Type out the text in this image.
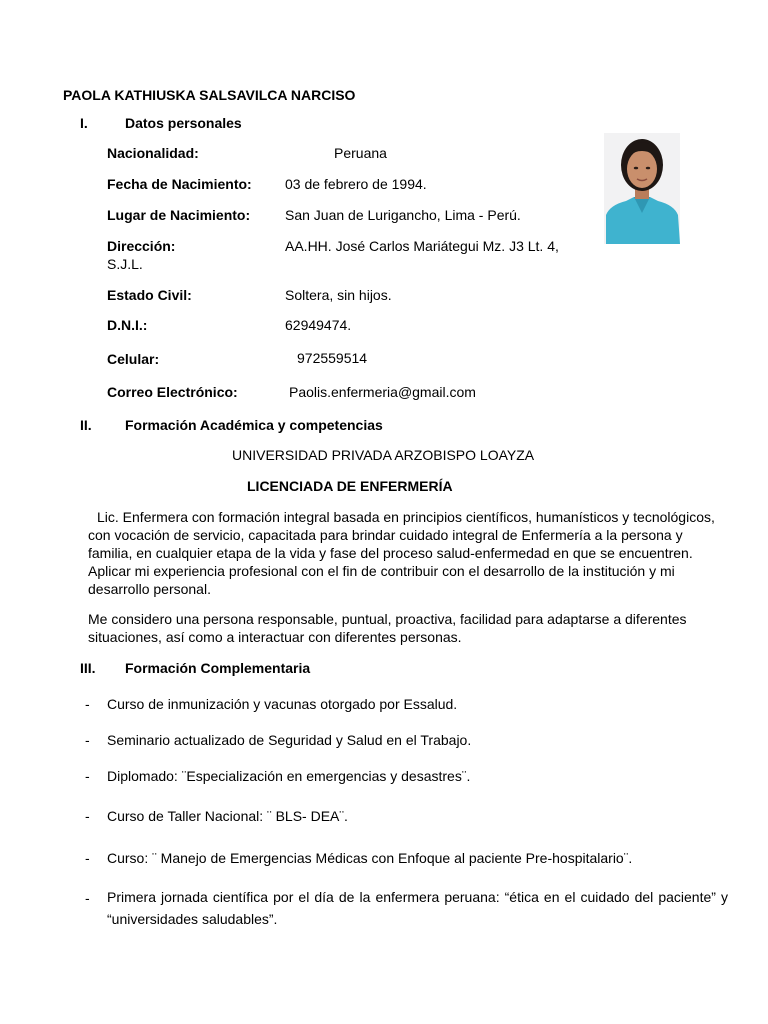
PAOLA KATHIUSKA SALSAVILCA NARCISO
I.	Datos personales
Nacionalidad:	Peruana
Fecha de Nacimiento: 03 de febrero de 1994.
Lugar de Nacimiento: San Juan de Lurigancho, Lima - Perú.
Dirección:	AA.HH. José Carlos Mariátegui Mz. J3 Lt. 4,
S.J.L.
Estado Civil:	Soltera, sin hijos.
D.N.I.:	62949474.
Celular:	972559514
Correo Electrónico:	Paolis.enfermeria@gmail.com
II. Formación Académica y competencias
UNIVERSIDAD PRIVADA ARZOBISPO LOAYZA
LICENCIADA DE ENFERMERÍA
Lic. Enfermera con formación integral basada en principios científicos, humanísticos y tecnológicos, con vocación de servicio, capacitada para brindar cuidado integral de Enfermería a la persona y familia, en cualquier etapa de la vida y fase del proceso salud-enfermedad en que se encuentren. Aplicar mi experiencia profesional con el fin de contribuir con el desarrollo de la institución y mi desarrollo personal.
Me considero una persona responsable, puntual, proactiva, facilidad para adaptarse a diferentes situaciones, así como a interactuar con diferentes personas.
III. Formación Complementaria
- Curso de inmunización y vacunas otorgado por Essalud.
- Seminario actualizado de Seguridad y Salud en el Trabajo.
- Diplomado: ¨Especialización en emergencias y desastres¨.
- Curso de Taller Nacional: ¨ BLS- DEA¨.
- Curso: ¨ Manejo de Emergencias Médicas con Enfoque al paciente Pre-hospitalario¨.
- Primera jornada científica por el día de la enfermera peruana: “ética en el cuidado del paciente” y “universidades saludables”.
